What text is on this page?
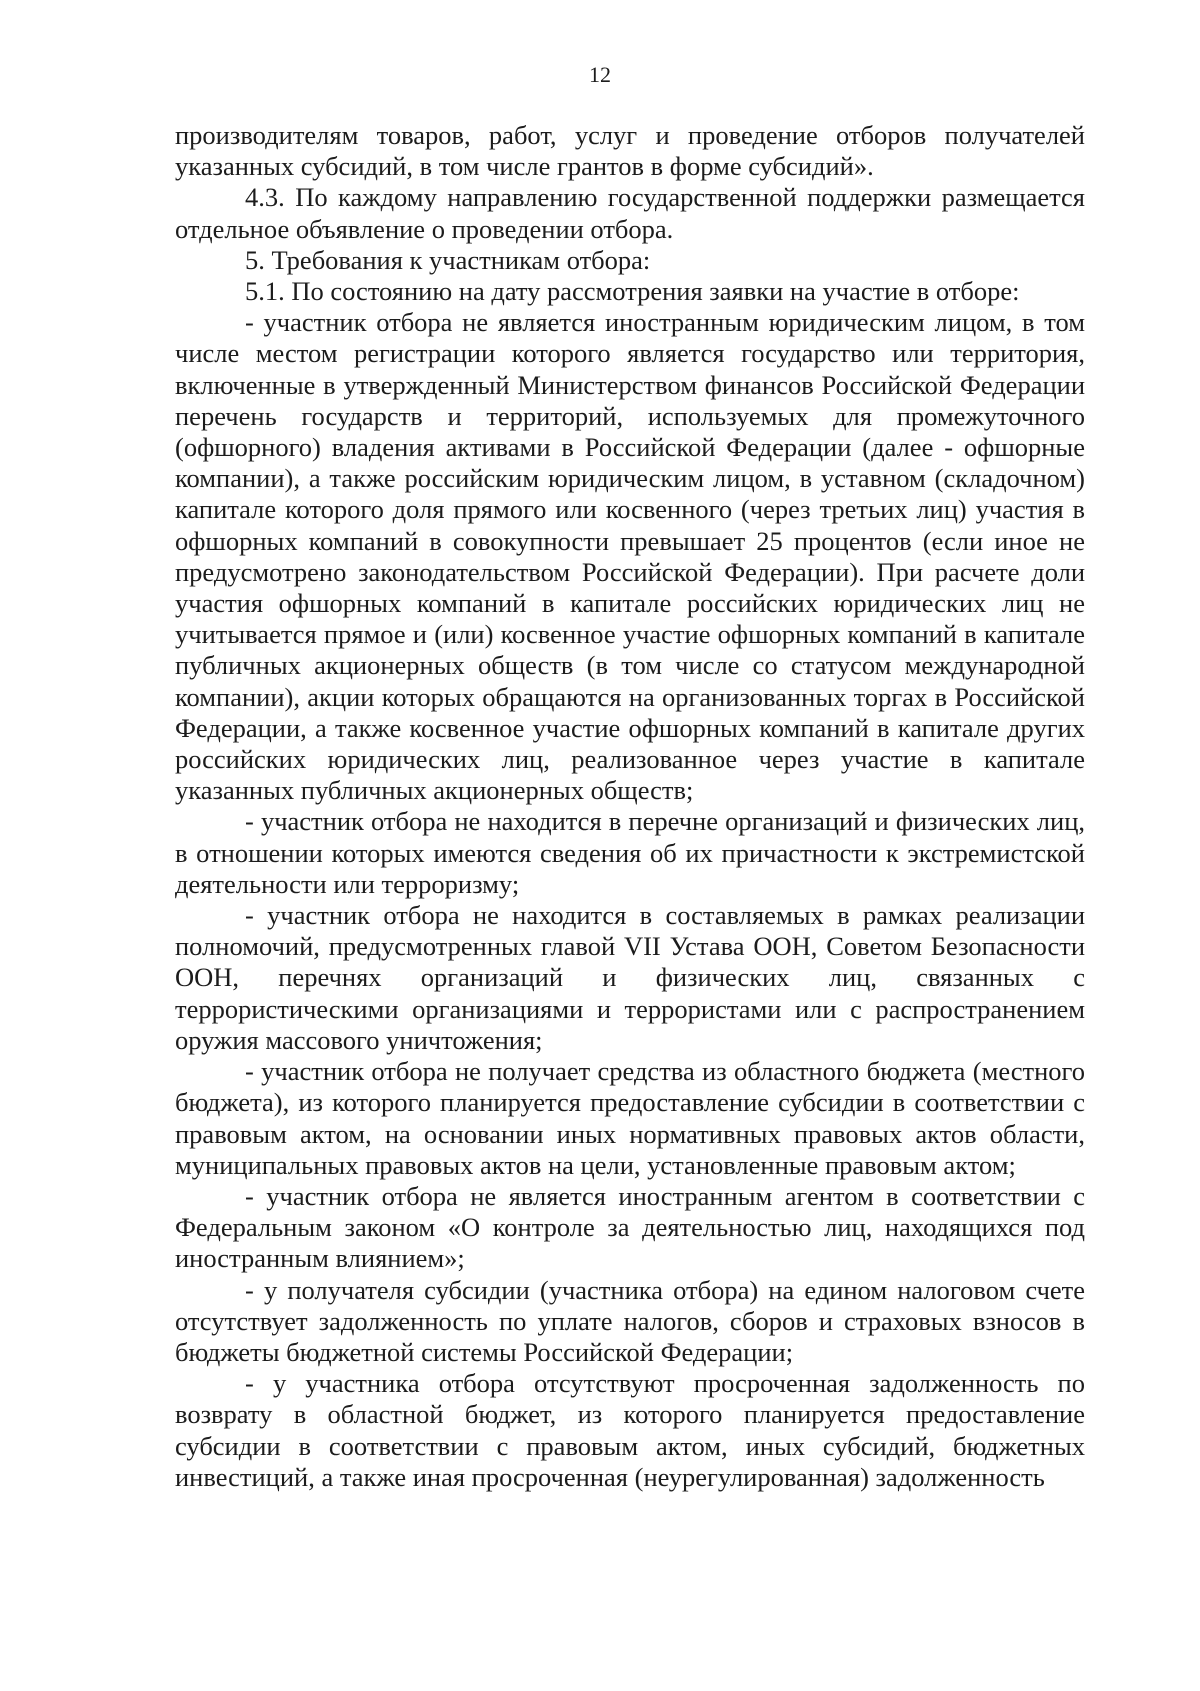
12

производителям товаров, работ, услуг и проведение отборов получателей указанных субсидий, в том числе грантов в форме субсидий».

4.3. По каждому направлению государственной поддержки размещается отдельное объявление о проведении отбора.

5. Требования к участникам отбора:

5.1. По состоянию на дату рассмотрения заявки на участие в отборе:

- участник отбора не является иностранным юридическим лицом, в том числе местом регистрации которого является государство или территория, включенные в утвержденный Министерством финансов Российской Федерации перечень государств и территорий, используемых для промежуточного (офшорного) владения активами в Российской Федерации (далее - офшорные компании), а также российским юридическим лицом, в уставном (складочном) капитале которого доля прямого или косвенного (через третьих лиц) участия в офшорных компаний в совокупности превышает 25 процентов (если иное не предусмотрено законодательством Российской Федерации). При расчете доли участия офшорных компаний в капитале российских юридических лиц не учитывается прямое и (или) косвенное участие офшорных компаний в капитале публичных акционерных обществ (в том числе со статусом международной компании), акции которых обращаются на организованных торгах в Российской Федерации, а также косвенное участие офшорных компаний в капитале других российских юридических лиц, реализованное через участие в капитале указанных публичных акционерных обществ;

- участник отбора не находится в перечне организаций и физических лиц, в отношении которых имеются сведения об их причастности к экстремистской деятельности или терроризму;

- участник отбора не находится в составляемых в рамках реализации полномочий, предусмотренных главой VII Устава ООН, Советом Безопасности ООН, перечнях организаций и физических лиц, связанных с террористическими организациями и террористами или с распространением оружия массового уничтожения;

- участник отбора не получает средства из областного бюджета (местного бюджета), из которого планируется предоставление субсидии в соответствии с правовым актом, на основании иных нормативных правовых актов области, муниципальных правовых актов на цели, установленные правовым актом;

- участник отбора не является иностранным агентом в соответствии с Федеральным законом «О контроле за деятельностью лиц, находящихся под иностранным влиянием»;

- у получателя субсидии (участника отбора) на едином налоговом счете отсутствует задолженность по уплате налогов, сборов и страховых взносов в бюджеты бюджетной системы Российской Федерации;

- у участника отбора отсутствуют просроченная задолженность по возврату в областной бюджет, из которого планируется предоставление субсидии в соответствии с правовым актом, иных субсидий, бюджетных инвестиций, а также иная просроченная (неурегулированная) задолженность
